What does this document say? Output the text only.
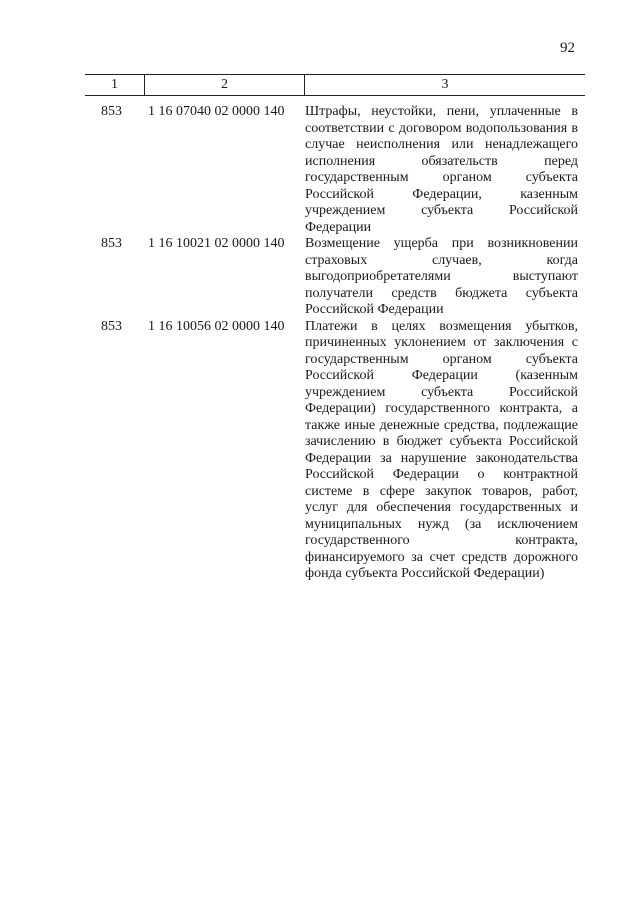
92
1	2	3
853	1 16 07040 02 0000 140	Штрафы, неустойки, пени, уплаченные в соответствии с договором водопользования в случае неисполнения или ненадлежащего исполнения обязательств перед государственным органом субъекта Российской Федерации, казенным учреждением субъекта Российской Федерации
853	1 16 10021 02 0000 140	Возмещение ущерба при возникновении страховых случаев, когда выгодоприобретателями выступают получатели средств бюджета субъекта Российской Федерации
853	1 16 10056 02 0000 140	Платежи в целях возмещения убытков, причиненных уклонением от заключения с государственным органом субъекта Российской Федерации (казенным учреждением субъекта Российской Федерации) государственного контракта, а также иные денежные средства, подлежащие зачислению в бюджет субъекта Российской Федерации за нарушение законодательства Российской Федерации о контрактной системе в сфере закупок товаров, работ, услуг для обеспечения государственных и муниципальных нужд (за исключением государственного контракта, финансируемого за счет средств дорожного фонда субъекта Российской Федерации)
